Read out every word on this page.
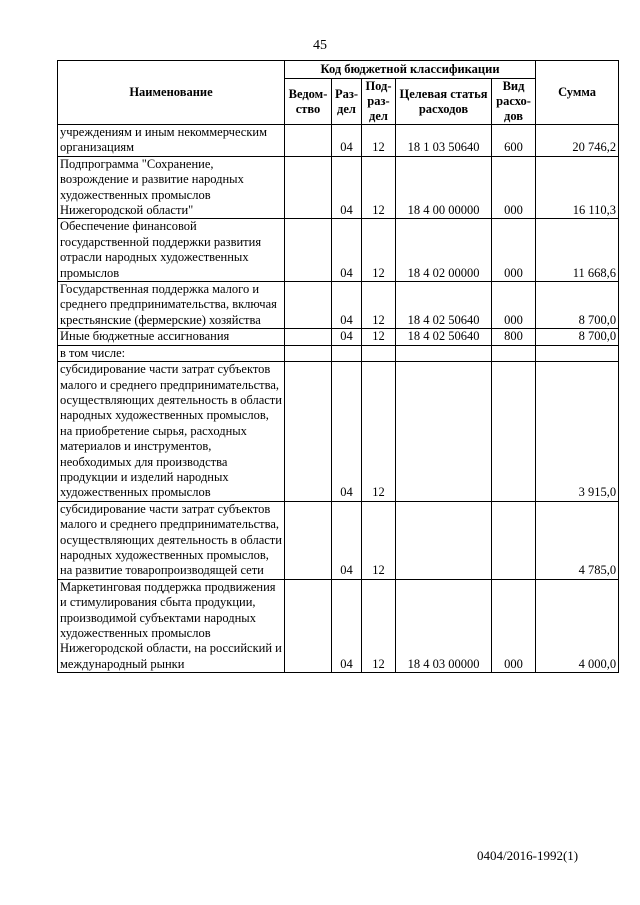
45
Наименование	Код бюджетной классификации					Сумма
	Ведом-ство	Раз-дел	Под-раз-дел	Целевая статья расходов	Вид расхо-дов	
учреждениям и иным некоммерческим организациям		04	12	18 1 03 50640	600	20 746,2
Подпрограмма "Сохранение, возрождение и развитие народных художественных промыслов Нижегородской области"		04	12	18 4 00 00000	000	16 110,3
Обеспечение финансовой государственной поддержки развития отрасли народных художественных промыслов		04	12	18 4 02 00000	000	11 668,6
Государственная поддержка малого и среднего предпринимательства, включая крестьянские (фермерские) хозяйства		04	12	18 4 02 50640	000	8 700,0
Иные бюджетные ассигнования		04	12	18 4 02 50640	800	8 700,0
в том числе:						
субсидирование части затрат субъектов малого и среднего предпринимательства, осуществляющих деятельность в области народных художественных промыслов, на приобретение сырья, расходных материалов и инструментов, необходимых для производства продукции и изделий народных художественных промыслов		04	12			3 915,0
субсидирование части затрат субъектов малого и среднего предпринимательства, осуществляющих деятельность в области народных художественных промыслов, на развитие товаропроизводящей сети		04	12			4 785,0
Маркетинговая поддержка продвижения и стимулирования сбыта продукции, производимой субъектами народных художественных промыслов Нижегородской области, на российский и международный рынки		04	12	18 4 03 00000	000	4 000,0
0404/2016-1992(1)
